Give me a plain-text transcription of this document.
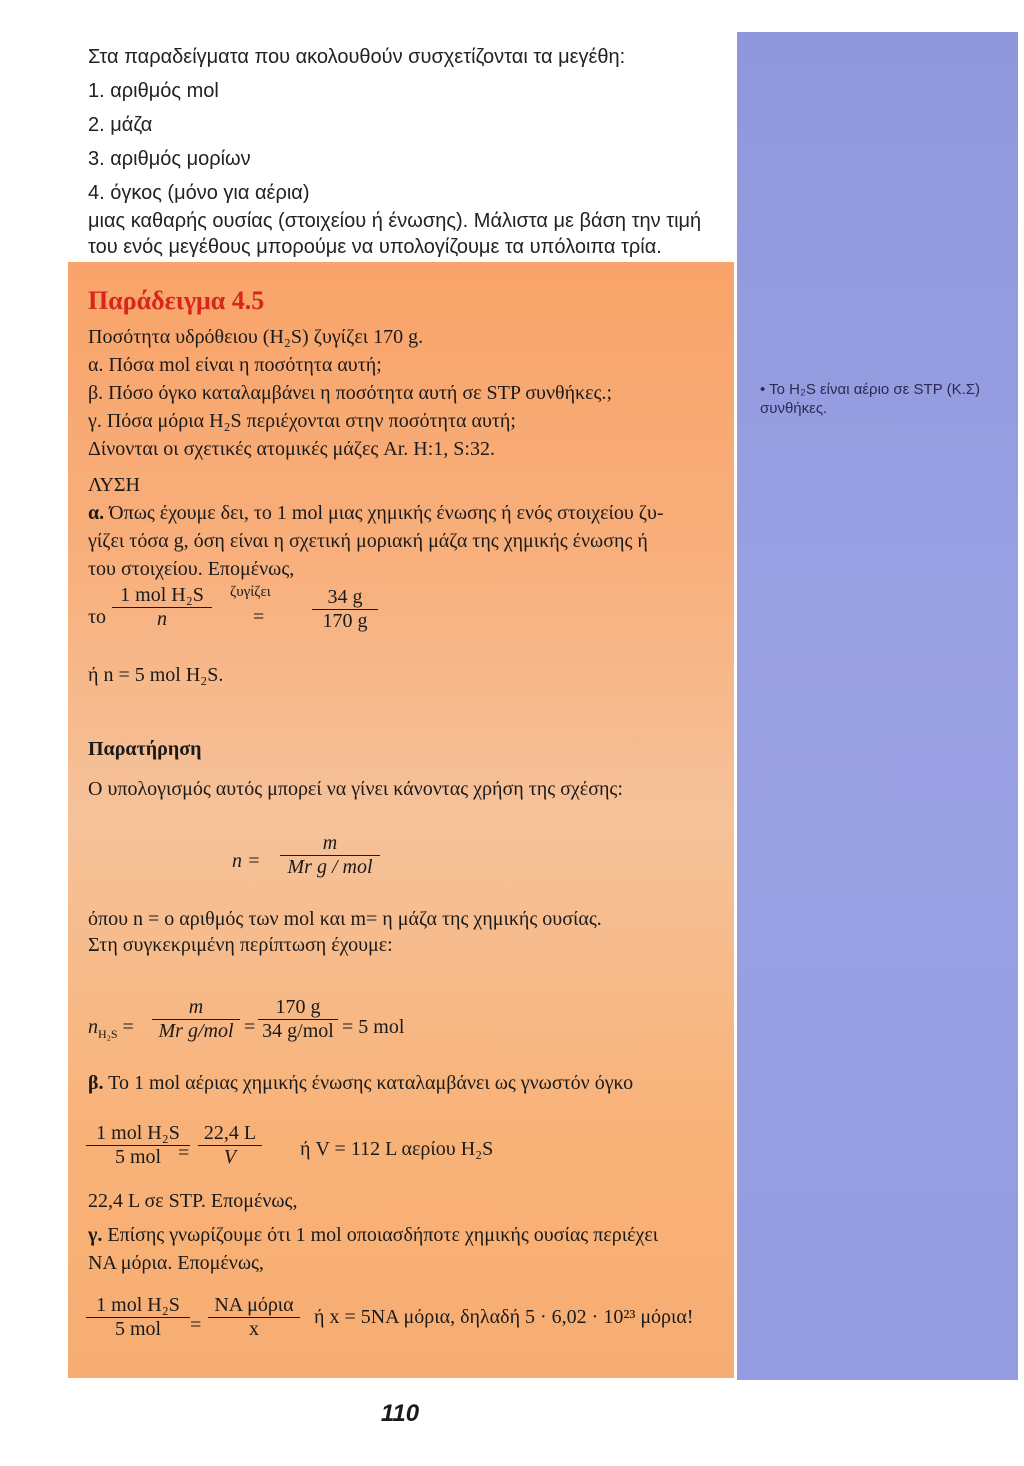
• Το H₂S είναι αέριο σε STP (Κ.Σ) συνθήκες.
Στα παραδείγματα που ακολουθούν συσχετίζονται τα μεγέθη:
1. αριθμός mol
2. μάζα
3. αριθμός μορίων
4. όγκος (μόνο για αέρια)
μιας καθαρής ουσίας (στοιχείου ή ένωσης). Μάλιστα με βάση την τιμή
του ενός μεγέθους μπορούμε να υπολογίζουμε τα υπόλοιπα τρία.
Παράδειγμα 4.5
Ποσότητα υδρόθειου (H₂S) ζυγίζει 170 g.
α. Πόσα mol είναι η ποσότητα αυτή;
β. Πόσο όγκο καταλαμβάνει η ποσότητα αυτή σε STP συνθήκες.;
γ. Πόσα μόρια H₂S περιέχονται στην ποσότητα αυτή;
Δίνονται οι σχετικές ατομικές μάζες Ar. H:1, S:32.
ΛΥΣΗ
α. Όπως έχουμε δει, το 1 mol μιας χημικής ένωσης ή ενός στοιχείου ζυ-
γίζει τόσα g, όση είναι η σχετική μοριακή μάζα της χημικής ένωσης ή
του στοιχείου. Επομένως,
το
1 mol H₂S
n
ζυγίζει
=
34 g
170 g
ή n = 5 mol H₂S.
Παρατήρηση
Ο υπολογισμός αυτός μπορεί να γίνει κάνοντας χρήση της σχέσης:
n =
m
Mr g / mol
όπου n = ο αριθμός των mol και m= η μάζα της χημικής ουσίας.
Στη συγκεκριμένη περίπτωση έχουμε:
$n_{H_2S}$ =
m
Mr g/mol =
170 g
34 g/mol = 5 mol
β. Το 1 mol αέριας χημικής ένωσης καταλαμβάνει ως γνωστόν όγκο
1 mol H₂S
5 mol =
22,4 L
V	ή V = 112 L αερίου H₂S
22,4 L σε STP. Επομένως,
γ. Επίσης γνωρίζουμε ότι 1 mol οποιασδήποτε χημικής ουσίας περιέχει
NA μόρια. Επομένως,
1 mol H₂S
5 mol	=
NA μόρια
x
ή x = 5NA μόρια, δηλαδή 5 · 6,02 · 10²³ μόρια!
110
